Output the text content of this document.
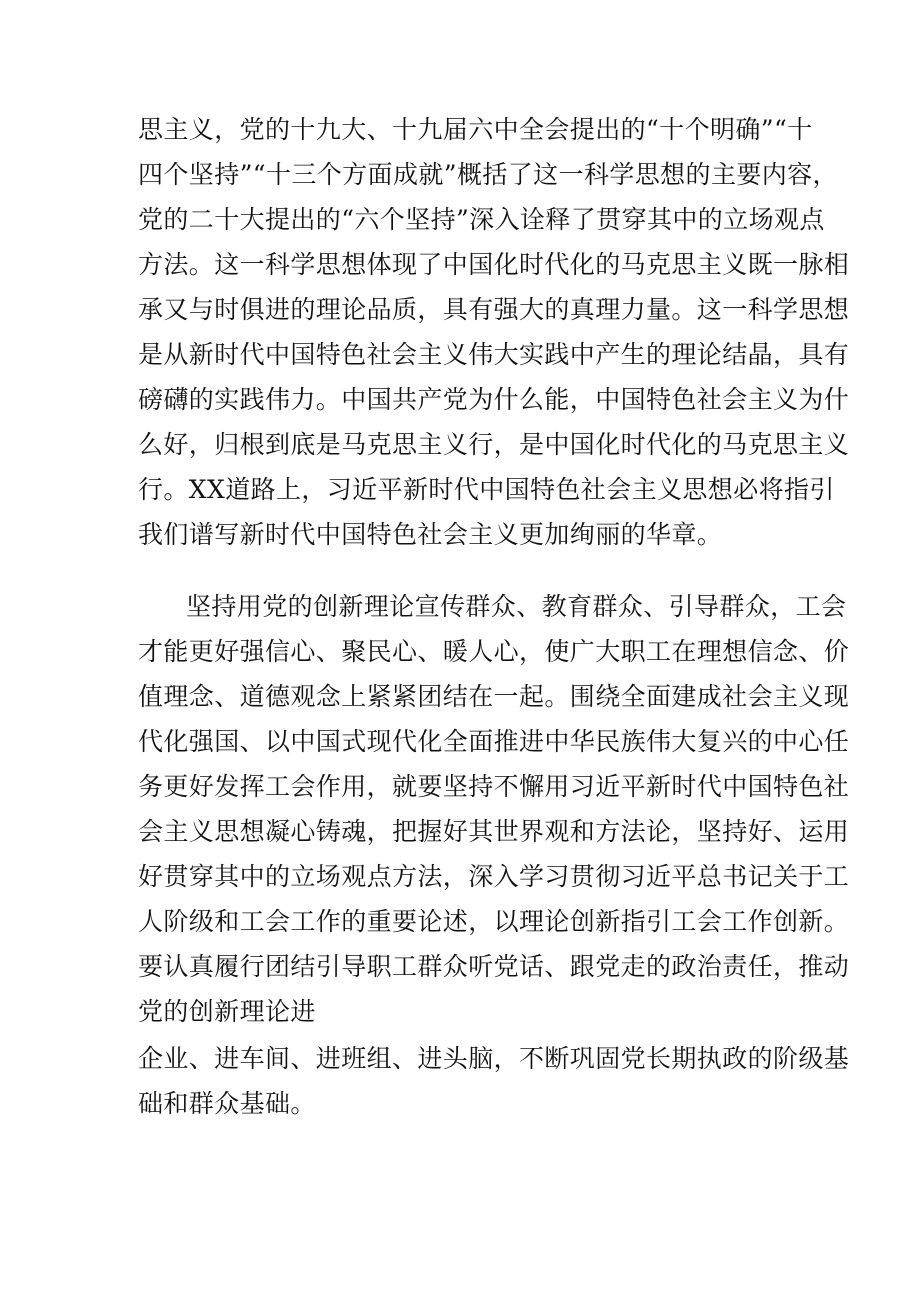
思主义，党的十九大、十九届六中全会提出的“十个明确”“十
四个坚持”“十三个方面成就”概括了这一科学思想的主要内容，
党的二十大提出的“六个坚持”深入诠释了贯穿其中的立场观点
方法。这一科学思想体现了中国化时代化的马克思主义既一脉相
承又与时俱进的理论品质，具有强大的真理力量。这一科学思想
是从新时代中国特色社会主义伟大实践中产生的理论结晶，具有
磅礴的实践伟力。中国共产党为什么能，中国特色社会主义为什
么好，归根到底是马克思主义行，是中国化时代化的马克思主义
行。XX道路上，习近平新时代中国特色社会主义思想必将指引
我们谱写新时代中国特色社会主义更加绚丽的华章。
坚持用党的创新理论宣传群众、教育群众、引导群众，工会
才能更好强信心、聚民心、暖人心，使广大职工在理想信念、价
值理念、道德观念上紧紧团结在一起。围绕全面建成社会主义现
代化强国、以中国式现代化全面推进中华民族伟大复兴的中心任
务更好发挥工会作用，就要坚持不懈用习近平新时代中国特色社
会主义思想凝心铸魂，把握好其世界观和方法论，坚持好、运用
好贯穿其中的立场观点方法，深入学习贯彻习近平总书记关于工
人阶级和工会工作的重要论述，以理论创新指引工会工作创新。
要认真履行团结引导职工群众听党话、跟党走的政治责任，推动
党的创新理论进
企业、进车间、进班组、进头脑，不断巩固党长期执政的阶级基
础和群众基础。
